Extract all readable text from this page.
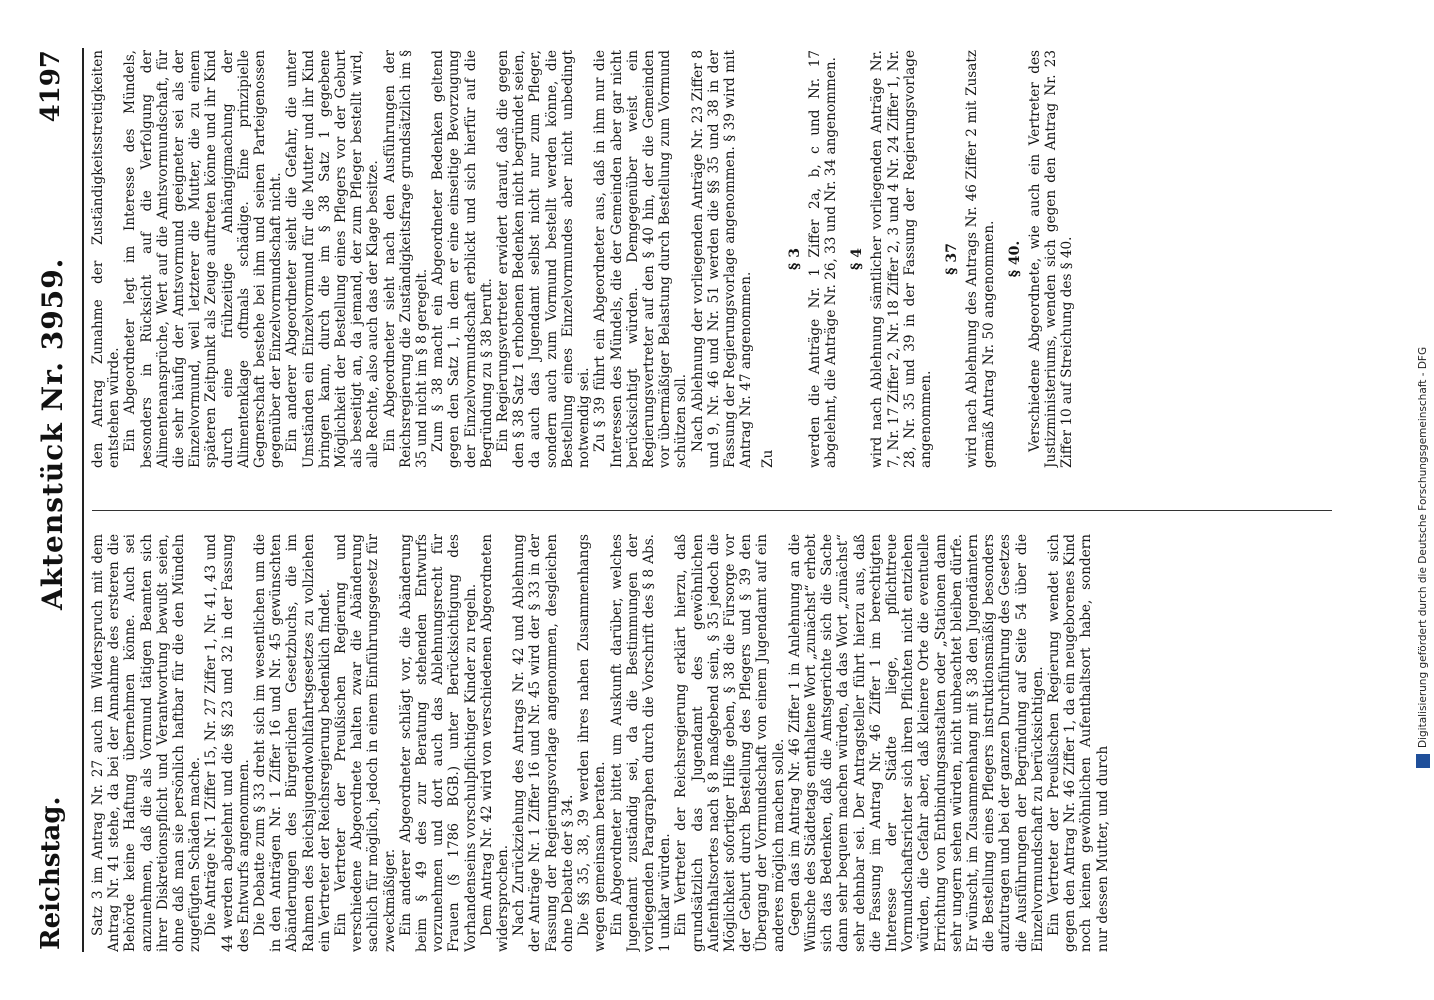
Reichstag.
Aktenstück Nr. 3959.
4197

Satz 3 im Antrag Nr. 27 auch im Widerspruch mit dem Antrag Nr. 41 stehe, da bei der Annahme des ersteren die Behörde keine Haftung übernehmen könne. Auch sei anzunehmen, daß die als Vormund tätigen Beamten sich ihrer Diskretionspflicht und Verantwortung bewußt seien, ohne daß man sie persönlich haftbar für die den Mündeln zugefügten Schäden mache. Die Anträge Nr. 1 Ziffer 15, Nr. 27 Ziffer 1, Nr. 41, 43 und 44 werden abgelehnt und die §§ 23 und 32 in der Fassung des Entwurfs angenommen. Die Debatte zum § 33 dreht sich im wesentlichen um die in den Anträgen Nr. 1 Ziffer 16 und Nr. 45 gewünschten Abänderungen des Bürgerlichen Gesetzbuchs, die im Rahmen des Reichsjugendwohlfahrtsgesetzes zu vollziehen ein Vertreter der Reichsregierung bedenklich findet. Ein Vertreter der Preußischen Regierung und verschiedene Abgeordnete halten zwar die Abänderung sachlich für möglich, jedoch in einem Einführungsgesetz für zweckmäßiger. Ein anderer Abgeordneter schlägt vor, die Abänderung beim § 49 des zur Beratung stehenden Entwurfs vorzunehmen und dort auch das Ablehnungsrecht für Frauen (§ 1786 BGB.) unter Berücksichtigung des Vorhandenseins vorschulpflichtiger Kinder zu regeln. Dem Antrag Nr. 42 wird von verschiedenen Abgeordneten widersprochen. Nach Zurückziehung des Antrags Nr. 42 und Ablehnung der Anträge Nr. 1 Ziffer 16 und Nr. 45 wird der § 33 in der Fassung der Regierungsvorlage angenommen, desgleichen ohne Debatte der § 34. Die §§ 35, 38, 39 werden ihres nahen Zusammenhangs wegen gemeinsam beraten. Ein Abgeordneter bittet um Auskunft darüber, welches Jugendamt zuständig sei, da die Bestimmungen der vorliegenden Paragraphen durch die Vorschrift des § 8 Abs. 1 unklar würden. Ein Vertreter der Reichsregierung erklärt hierzu, daß grundsätzlich das Jugendamt des gewöhnlichen Aufenthaltsortes nach § 8 maßgebend sein, § 35 jedoch die Möglichkeit sofortiger Hilfe geben, § 38 die Fürsorge vor der Geburt durch Bestellung des Pflegers und § 39 den Übergang der Vormundschaft von einem Jugendamt auf ein anderes möglich machen solle. Gegen das im Antrag Nr. 46 Ziffer 1 in Anlehnung an die Wünsche des Städtetags enthaltene Wort „zunächst“ erhebt sich das Bedenken, daß die Amtsgerichte sich die Sache dann sehr bequem machen würden, da das Wort „zunächst“ sehr dehnbar sei. Der Antragsteller führt hierzu aus, daß die Fassung im Antrag Nr. 46 Ziffer 1 im berechtigten Interesse der Städte liege, pflichttreue Vormundschaftsrichter sich ihren Pflichten nicht entziehen würden, die Gefahr aber, daß kleinere Orte die eventuelle Errichtung von Entbindungsanstalten oder „Stationen dann sehr ungern sehen würden, nicht unbeachtet bleiben dürfe. Er wünscht, im Zusammenhang mit § 38 den Jugendämtern die Bestellung eines Pflegers instruktionsmäßig besonders aufzutragen und bei der ganzen Durchführung des Gesetzes die Ausführungen der Begründung auf Seite 54 über die Einzelvormundschaft zu berücksichtigen. Ein Vertreter der Preußischen Regierung wendet sich gegen den Antrag Nr. 46 Ziffer 1, da ein neugeborenes Kind noch keinen gewöhnlichen Aufenthaltsort habe, sondern nur dessen Mutter, und durch

den Antrag Zunahme der Zuständigkeitsstreitigkeiten entstehen würde. Ein Abgeordneter legt im Interesse des Mündels, besonders in Rücksicht auf die Verfolgung der Alimentenansprüche, Wert auf die Amtsvormundschaft, für die sehr häufig der Amtsvormund geeigneter sei als der Einzelvormund, weil letzterer die Mutter, die zu einem späteren Zeitpunkt als Zeuge auftreten könne und ihr Kind durch eine frühzeitige Anhängigmachung der Alimentenklage oftmals schädige. Eine prinzipielle Gegnerschaft bestehe bei ihm und seinen Parteigenossen gegenüber der Einzelvormundschaft nicht. Ein anderer Abgeordneter sieht die Gefahr, die unter Umständen ein Einzelvormund für die Mutter und ihr Kind bringen kann, durch die im § 38 Satz 1 gegebene Möglichkeit der Bestellung eines Pflegers vor der Geburt als beseitigt an, da jemand, der zum Pfleger bestellt wird, alle Rechte, also auch das der Klage besitze. Ein Abgeordneter sieht nach den Ausführungen der Reichsregierung die Zuständigkeitsfrage grundsätzlich im § 35 und nicht im § 8 geregelt. Zum § 38 macht ein Abgeordneter Bedenken geltend gegen den Satz 1, in dem er eine einseitige Bevorzugung der Einzelvormundschaft erblickt und sich hierfür auf die Begründung zu § 38 beruft. Ein Regierungsvertreter erwidert darauf, daß die gegen den § 38 Satz 1 erhobenen Bedenken nicht begründet seien, da auch das Jugendamt selbst nicht nur zum Pfleger, sondern auch zum Vormund bestellt werden könne, die Bestellung eines Einzelvormundes aber nicht unbedingt notwendig sei. Zu § 39 führt ein Abgeordneter aus, daß in ihm nur die Interessen des Mündels, die der Gemeinden aber gar nicht berücksichtigt würden. Demgegenüber weist ein Regierungsvertreter auf den § 40 hin, der die Gemeinden vor übermäßiger Belastung durch Bestellung zum Vormund schützen soll. Nach Ablehnung der vorliegenden Anträge Nr. 23 Ziffer 8 und 9, Nr. 46 und Nr. 51 werden die §§ 35 und 38 in der Fassung der Regierungsvorlage angenommen. § 39 wird mit Antrag Nr. 47 angenommen. Zu

§ 3 werden die Anträge Nr. 1 Ziffer 2a, b, c und Nr. 17 abgelehnt, die Anträge Nr. 26, 33 und Nr. 34 angenommen. § 4 wird nach Ablehnung sämtlicher vorliegenden Anträge Nr. 7, Nr. 17 Ziffer 2, Nr. 18 Ziffer 2, 3 und 4 Nr. 24 Ziffer 1, Nr. 28, Nr. 35 und 39 in der Fassung der Regierungsvorlage angenommen.

§ 37 wird nach Ablehnung des Antrags Nr. 46 Ziffer 2 mit Zusatz gemäß Antrag Nr. 50 angenommen. § 40. Verschiedene Abgeordnete, wie auch ein Vertreter des Justizministeriums, wenden sich gegen den Antrag Nr. 23 Ziffer 10 auf Streichung des § 40.	Digitalisierung gefördert durch die Deutsche Forschungsgemeinschaft - DFG
